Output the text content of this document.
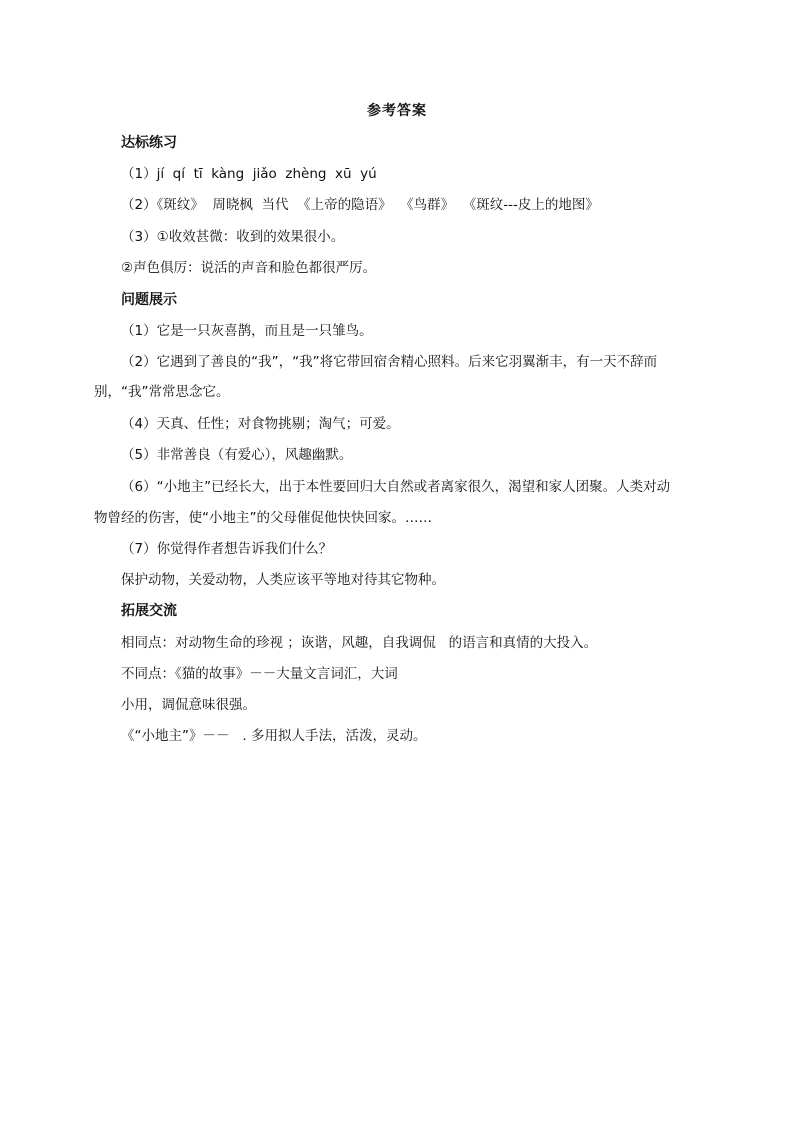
参考答案
达标练习
（1）jí  qí  tī  kàng  jiǎo  zhèng  xū  yú
（2）《斑纹》  周晓枫  当代  《上帝的隐语》  《鸟群》  《斑纹---皮上的地图》
（3）①收效甚微：收到的效果很小。
②声色俱厉：说活的声音和脸色都很严厉。
问题展示
（1）它是一只灰喜鹊，而且是一只雏鸟。
（2）它遇到了善良的“我”，“我”将它带回宿舍精心照料。后来它羽翼渐丰，有一天不辞而
别，“我”常常思念它。
（4）天真、任性；对食物挑剔；淘气；可爱。
（5）非常善良（有爱心），风趣幽默。
（6）“小地主”已经长大，出于本性要回归大自然或者离家很久，渴望和家人团聚。人类对动
物曾经的伤害，使“小地主”的父母催促他快快回家。……
（7）你觉得作者想告诉我们什么？
保护动物，关爱动物，人类应该平等地对待其它物种。
拓展交流
相同点：对动物生命的珍视 ；诙谐，风趣，自我调侃   的语言和真情的大投入。
不同点：《猫的故事》－－大量文言词汇，大词
小用，调侃意味很强。
《“小地主”》－－   . 多用拟人手法，活泼，灵动。
